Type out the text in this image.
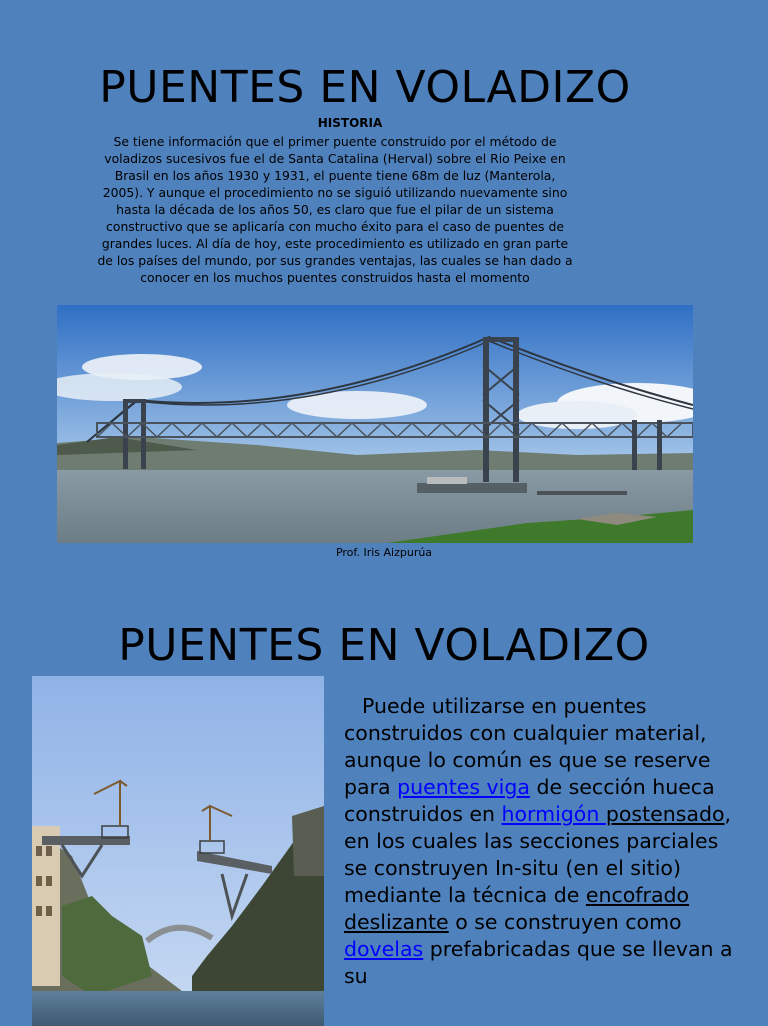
PUENTES EN VOLADIZO
HISTORIA

Se tiene información que el primer puente construido por el método de voladizos sucesivos fue el de Santa Catalina (Herval) sobre el Rio Peixe en Brasil en los años 1930 y 1931, el puente tiene 68m de luz (Manterola, 2005). Y aunque el procedimiento no se siguió utilizando nuevamente sino hasta la década de los años 50, es claro que fue el pilar de un sistema constructivo que se aplicaría con mucho éxito para el caso de puentes de grandes luces. Al día de hoy, este procedimiento es utilizado en gran parte de los países del mundo, por sus grandes ventajas, las cuales se han dado a conocer en los muchos puentes construidos hasta el momento

Prof. Iris Aizpurúa
PUENTES EN VOLADIZO

Puede utilizarse en puentes construidos con cualquier material, aunque lo común es que se reserve para puentes viga de sección hueca construidos en hormigón postensado, en los cuales las secciones parciales se construyen In-situ (en el sitio) mediante la técnica de encofrado deslizante o se construyen como dovelas prefabricadas que se llevan a su
